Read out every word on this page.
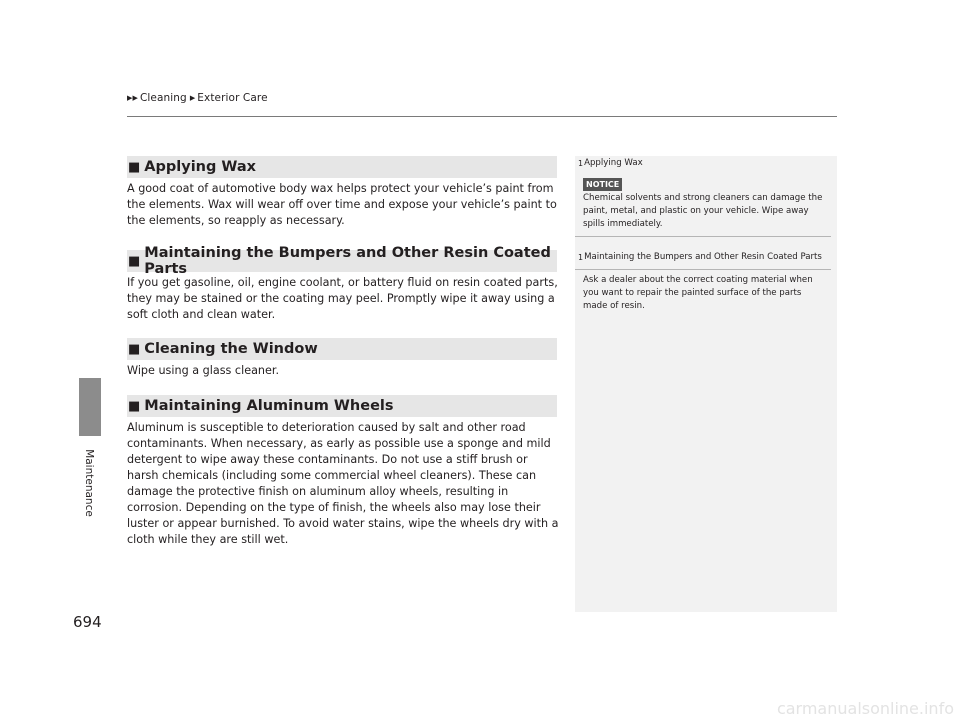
▶▶ Cleaning ▶ Exterior Care
Maintenance
694
■ Applying Wax

A good coat of automotive body wax helps protect your vehicle’s paint from the elements. Wax will wear off over time and expose your vehicle’s paint to the elements, so reapply as necessary.

■ Maintaining the Bumpers and Other Resin Coated Parts

If you get gasoline, oil, engine coolant, or battery fluid on resin coated parts, they may be stained or the coating may peel. Promptly wipe it away using a soft cloth and clean water.

■ Cleaning the Window

Wipe using a glass cleaner.

■ Maintaining Aluminum Wheels

Aluminum is susceptible to deterioration caused by salt and other road contaminants. When necessary, as early as possible use a sponge and mild detergent to wipe away these contaminants. Do not use a stiff brush or harsh chemicals (including some commercial wheel cleaners). These can damage the protective finish on aluminum alloy wheels, resulting in corrosion. Depending on the type of finish, the wheels also may lose their luster or appear burnished. To avoid water stains, wipe the wheels dry with a cloth while they are still wet.

1 Applying Wax
NOTICE

Chemical solvents and strong cleaners can damage the paint, metal, and plastic on your vehicle. Wipe away spills immediately.

1 Maintaining the Bumpers and Other Resin Coated Parts

Ask a dealer about the correct coating material when you want to repair the painted surface of the parts made of resin.

carmanualsonline.info
